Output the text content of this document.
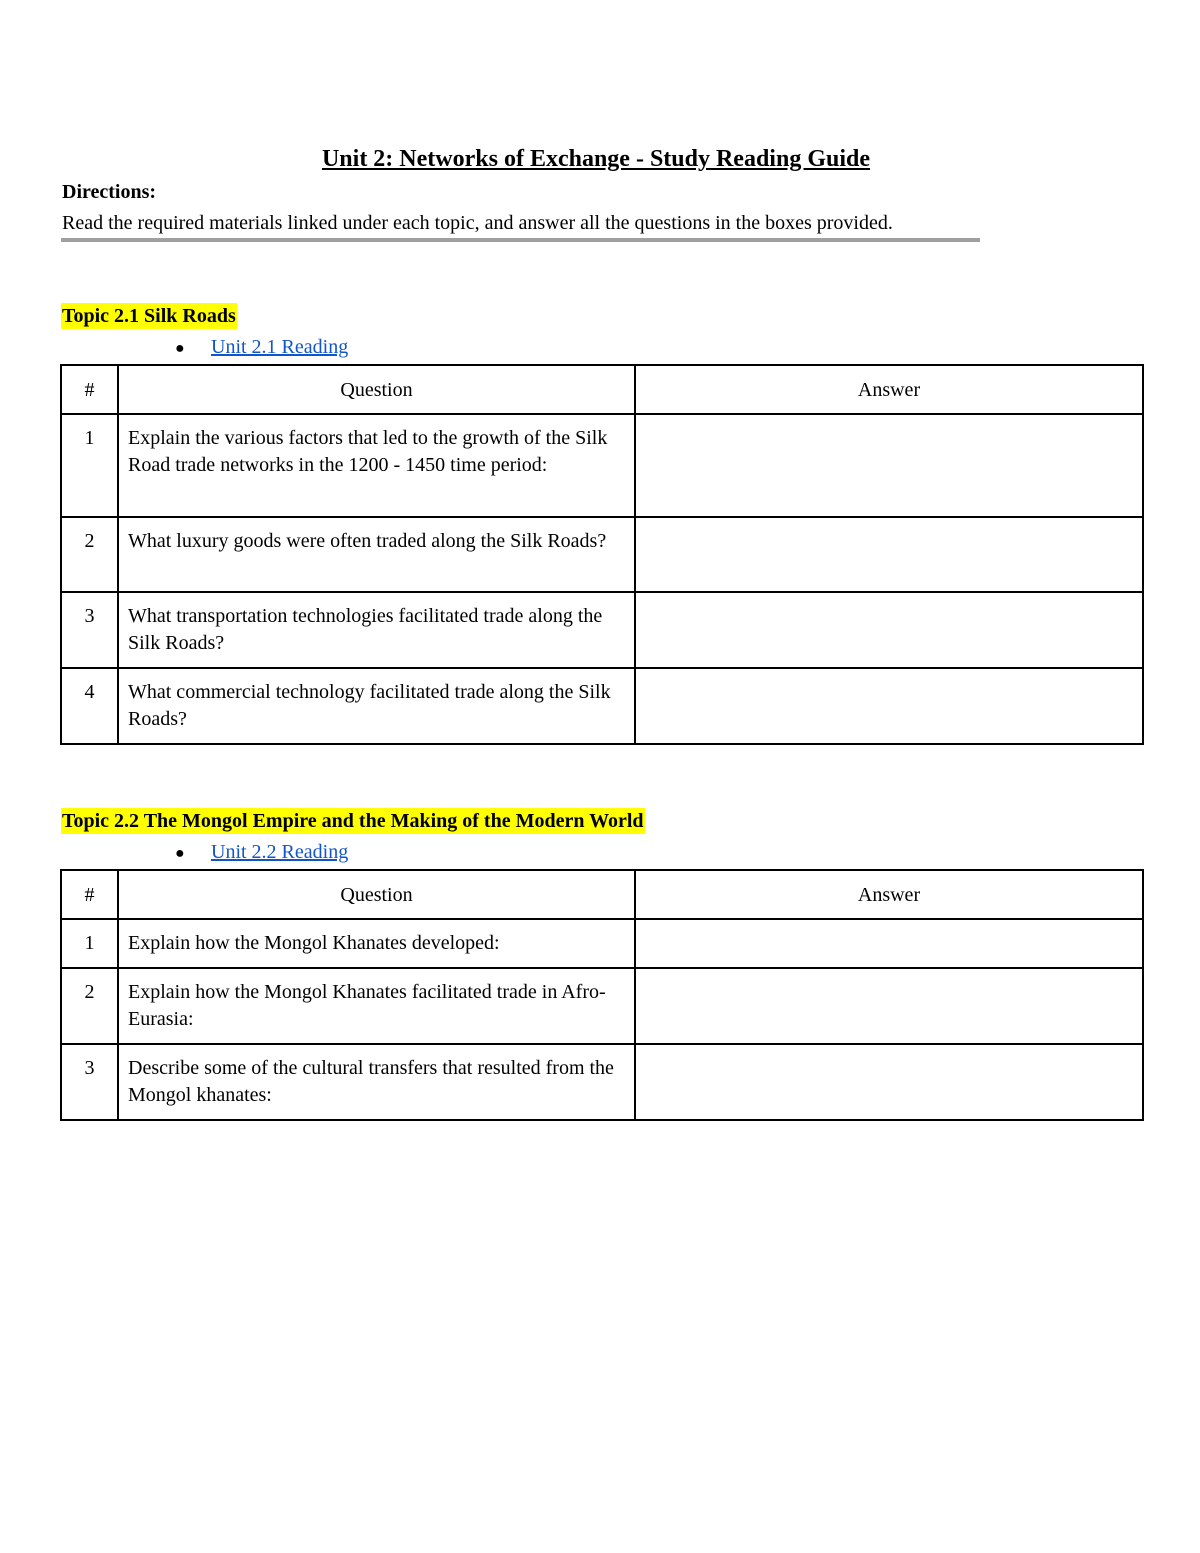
Unit 2: Networks of Exchange - Study Reading Guide
Directions:
Read the required materials linked under each topic, and answer all the questions in the boxes provided.
Topic 2.1 Silk Roads
● Unit 2.1 Reading
#	Question	Answer
1	Explain the various factors that led to the growth of the Silk Road trade networks in the 1200 - 1450 time period:	
2	What luxury goods were often traded along the Silk Roads?	
3	What transportation technologies facilitated trade along the Silk Roads?	
4	What commercial technology facilitated trade along the Silk Roads?	
Topic 2.2 The Mongol Empire and the Making of the Modern World
● Unit 2.2 Reading
#	Question	Answer
1	Explain how the Mongol Khanates developed:	
2	Explain how the Mongol Khanates facilitated trade in Afro-Eurasia:	
3	Describe some of the cultural transfers that resulted from the Mongol khanates:	
